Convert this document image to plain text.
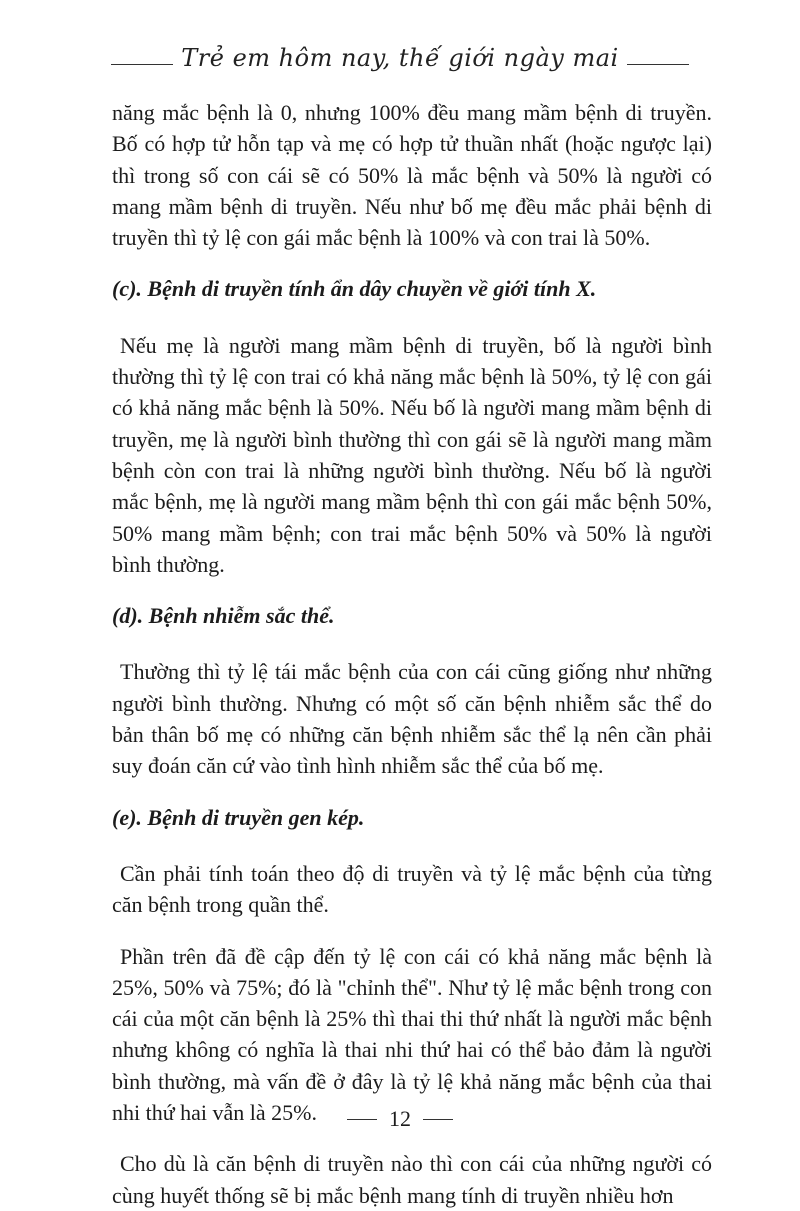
Trẻ em hôm nay, thế giới ngày mai

năng mắc bệnh là 0, nhưng 100% đều mang mầm bệnh di truyền. Bố có hợp tử hỗn tạp và mẹ có hợp tử thuần nhất (hoặc ngược lại) thì trong số con cái sẽ có 50% là mắc bệnh và 50% là người có mang mầm bệnh di truyền. Nếu như bố mẹ đều mắc phải bệnh di truyền thì tỷ lệ con gái mắc bệnh là 100% và con trai là 50%.

(c). Bệnh di truyền tính ẩn dây chuyền về giới tính X.

Nếu mẹ là người mang mầm bệnh di truyền, bố là người bình thường thì tỷ lệ con trai có khả năng mắc bệnh là 50%, tỷ lệ con gái có khả năng mắc bệnh là 50%. Nếu bố là người mang mầm bệnh di truyền, mẹ là người bình thường thì con gái sẽ là người mang mầm bệnh còn con trai là những người bình thường. Nếu bố là người mắc bệnh, mẹ là người mang mầm bệnh thì con gái mắc bệnh 50%, 50% mang mầm bệnh; con trai mắc bệnh 50% và 50% là người bình thường.

(d). Bệnh nhiễm sắc thể.

Thường thì tỷ lệ tái mắc bệnh của con cái cũng giống như những người bình thường. Nhưng có một số căn bệnh nhiễm sắc thể do bản thân bố mẹ có những căn bệnh nhiễm sắc thể lạ nên cần phải suy đoán căn cứ vào tình hình nhiễm sắc thể của bố mẹ.

(e). Bệnh di truyền gen kép.

Cần phải tính toán theo độ di truyền và tỷ lệ mắc bệnh của từng căn bệnh trong quần thể.

Phần trên đã đề cập đến tỷ lệ con cái có khả năng mắc bệnh là 25%, 50% và 75%; đó là "chỉnh thể". Như tỷ lệ mắc bệnh trong con cái của một căn bệnh là 25% thì thai thi thứ nhất là người mắc bệnh nhưng không có nghĩa là thai nhi thứ hai có thể bảo đảm là người bình thường, mà vấn đề ở đây là tỷ lệ khả năng mắc bệnh của thai nhi thứ hai vẫn là 25%.

Cho dù là căn bệnh di truyền nào thì con cái của những người có cùng huyết thống sẽ bị mắc bệnh mang tính di truyền nhiều hơn

12
